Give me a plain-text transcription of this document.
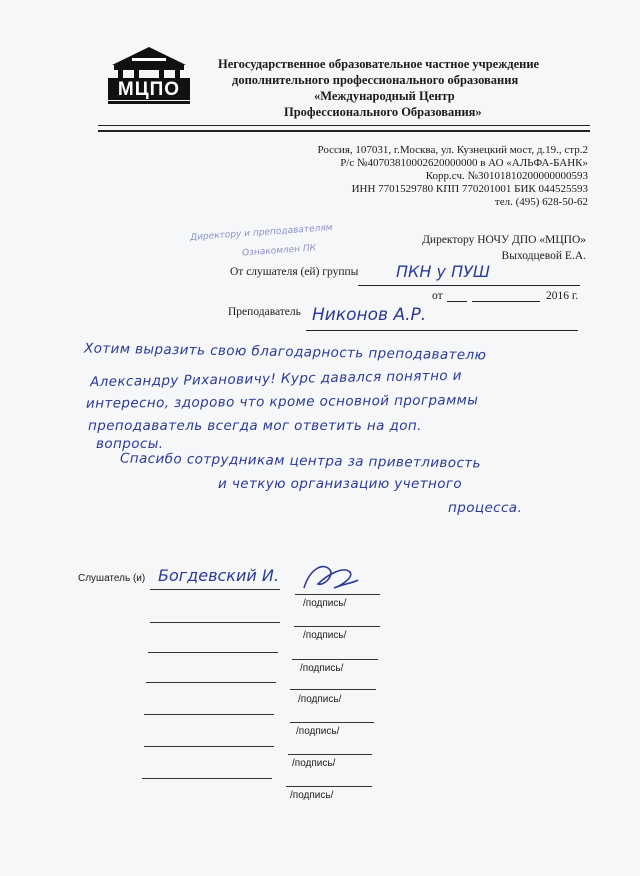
МЦПО
Негосударственное образовательное частное учреждение
дополнительного профессионального образования
«Международный Центр
Профессионального Образования»
Россия, 107031, г.Москва, ул. Кузнецкий мост, д.19., стр.2
Р/с №40703810002620000000 в АО «АЛЬФА-БАНК»
Корр.сч. №30101810200000000593
ИНН 7701529780 КПП 770201001 БИК 044525593
тел. (495) 628-50-62
Директору и преподавателям
Ознакомлен ПК
Директору НОЧУ ДПО «МЦПО»
Выходцевой Е.А.
От слушателя (ей) группы ПКН у ПУШ
от	2016 г.
Преподаватель Никонов А.Р.
Хотим выразить свою благодарность преподавателю
Александру Рихановичу! Курс давался понятно и
интересно, здорово что кроме основной программы
преподаватель всегда мог ответить на доп.
вопросы.
Спасибо сотрудникам центра за приветливость
и четкую организацию учетного
процесса.
Слушатель (и) Богдевский И.
/подпись/
/подпись/
/подпись/
/подпись/
/подпись/
/подпись/
/подпись/
